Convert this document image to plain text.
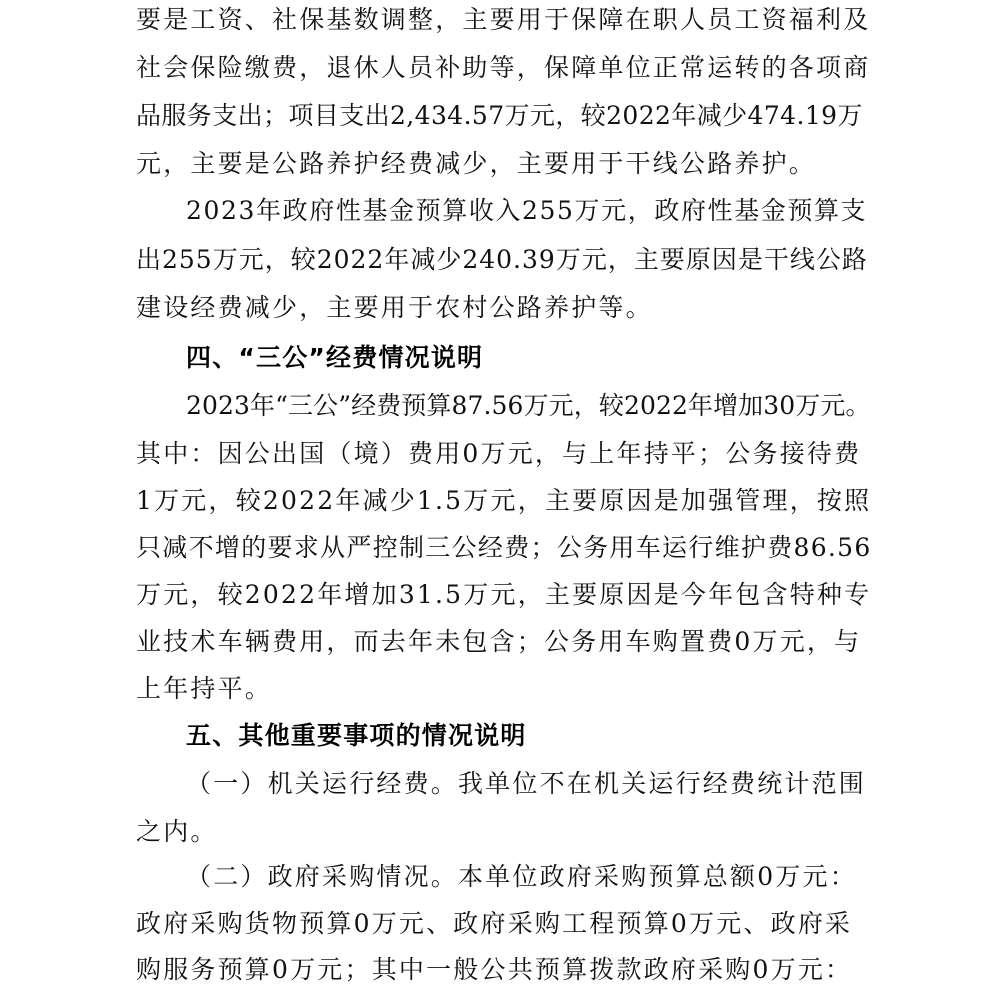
要是工资、社保基数调整，主要用于保障在职人员工资福利及
社会保险缴费，退休人员补助等，保障单位正常运转的各项商
品服务支出；项目支出2,434.57万元，较2022年减少474.19万
元，主要是公路养护经费减少，主要用于干线公路养护。
2023年政府性基金预算收入255万元，政府性基金预算支
出255万元，较2022年减少240.39万元，主要原因是干线公路
建设经费减少，主要用于农村公路养护等。
四、“三公”经费情况说明
2023年“三公”经费预算87.56万元，较2022年增加30万元。
其中：因公出国（境）费用0万元，与上年持平；公务接待费
1万元，较2022年减少1.5万元，主要原因是加强管理，按照
只减不增的要求从严控制三公经费；公务用车运行维护费86.56
万元，较2022年增加31.5万元，主要原因是今年包含特种专
业技术车辆费用，而去年未包含；公务用车购置费0万元，与
上年持平。
五、其他重要事项的情况说明
（一）机关运行经费。我单位不在机关运行经费统计范围
之内。
（二）政府采购情况。本单位政府采购预算总额0万元：
政府采购货物预算0万元、政府采购工程预算0万元、政府采
购服务预算0万元；其中一般公共预算拨款政府采购0万元：
